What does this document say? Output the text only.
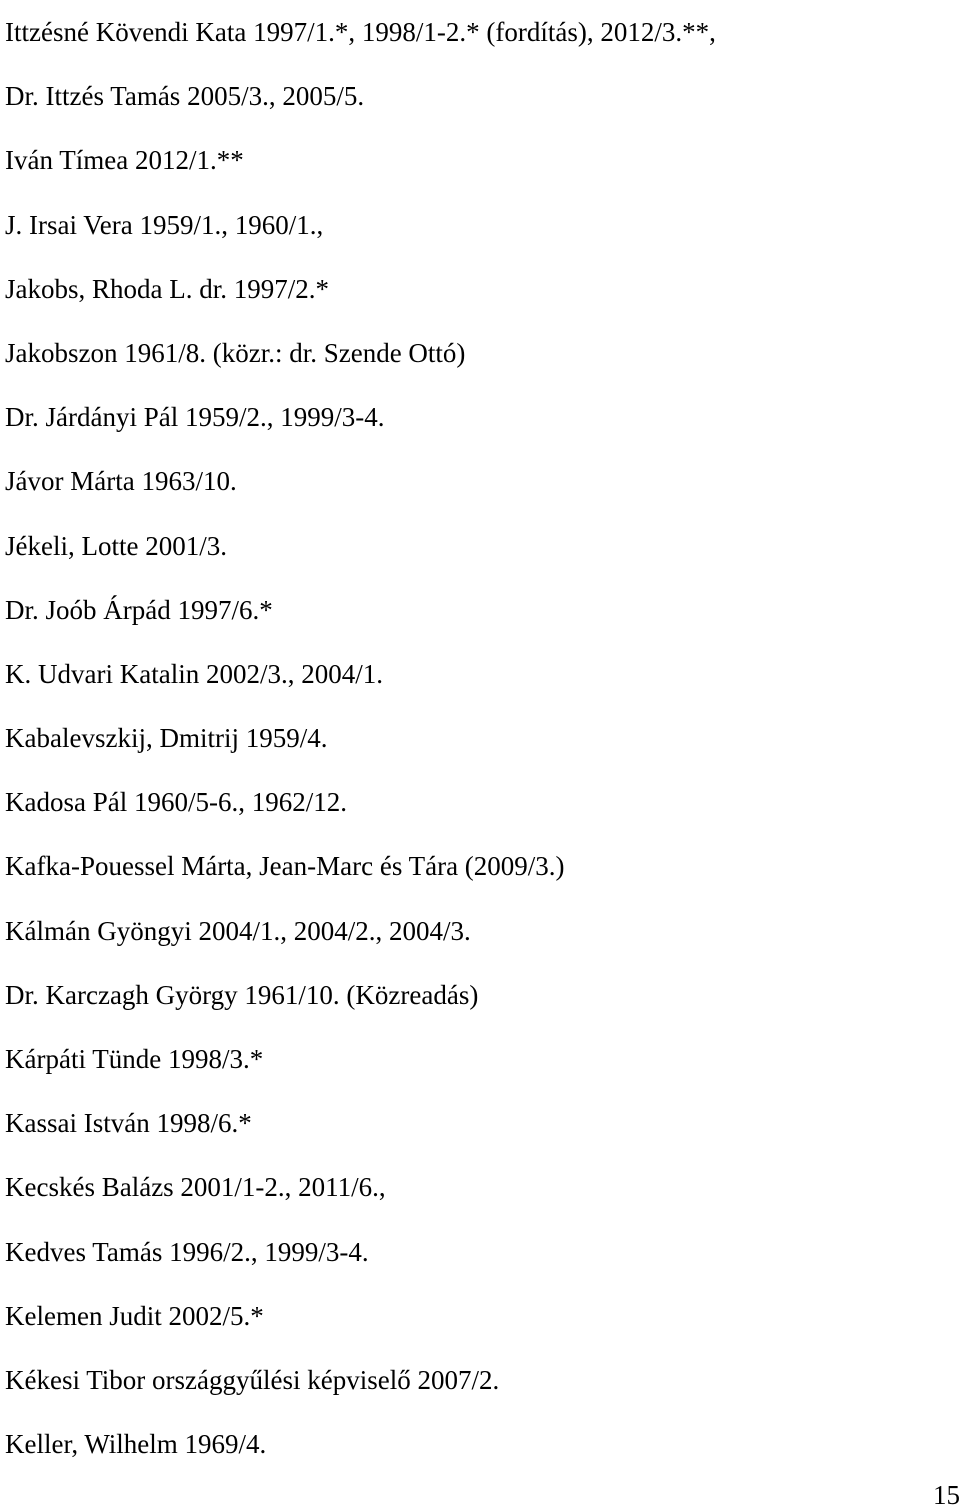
Ittzésné Kövendi Kata 1997/1.*, 1998/1-2.* (fordítás), 2012/3.**,
Dr. Ittzés Tamás 2005/3., 2005/5.
Iván Tímea 2012/1.**
J. Irsai Vera 1959/1., 1960/1.,
Jakobs, Rhoda L. dr. 1997/2.*
Jakobszon 1961/8. (közr.: dr. Szende Ottó)
Dr. Járdányi Pál 1959/2., 1999/3-4.
Jávor Márta 1963/10.
Jékeli, Lotte 2001/3.
Dr. Joób Árpád 1997/6.*
K. Udvari Katalin 2002/3., 2004/1.
Kabalevszkij, Dmitrij 1959/4.
Kadosa Pál 1960/5-6., 1962/12.
Kafka-Pouessel Márta, Jean-Marc és Tára (2009/3.)
Kálmán Gyöngyi 2004/1., 2004/2., 2004/3.
Dr. Karczagh György 1961/10. (Közreadás)
Kárpáti Tünde 1998/3.*
Kassai István 1998/6.*
Kecskés Balázs 2001/1-2., 2011/6.,
Kedves Tamás 1996/2., 1999/3-4.
Kelemen Judit 2002/5.*
Kékesi Tibor országgyűlési képviselő 2007/2.
Keller, Wilhelm 1969/4.
15
